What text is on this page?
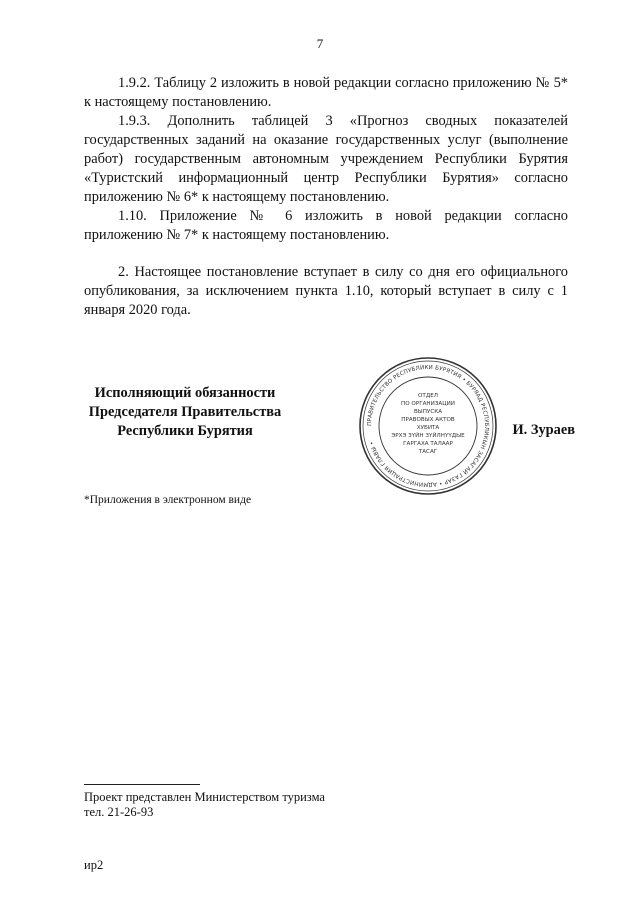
7

1.9.2. Таблицу 2 изложить в новой редакции согласно приложению № 5* к настоящему постановлению.

1.9.3. Дополнить таблицей 3 «Прогноз сводных показателей государственных заданий на оказание государственных услуг (выполнение работ) государственным автономным учреждением Республики Бурятия «Туристский информационный центр Республики Бурятия» согласно приложению № 6* к настоящему постановлению.

1.10. Приложение № 6 изложить в новой редакции согласно приложению № 7* к настоящему постановлению.

2. Настоящее постановление вступает в силу со дня его официального опубликования, за исключением пункта 1.10, который вступает в силу с 1 января 2020 года.

Исполняющий обязанности
Председателя Правительства
Республики Бурятия	ПРАВИТЕЛЬСТВО РЕСПУБЛИКИ БУРЯТИЯ • БУРЯАД РЕСПУБЛИКЫН ЗАСАГАЙ ГАЗАР • АДМИНИСТРАЦИЯ ГЛАВЫ •
ОТДЕЛ
ПО ОРГАНИЗАЦИИ
ВЫПУСКА
ПРАВОВЫХ АКТОВ
ХУБИТА
ЭРХЭ ЗҮЙН ЗҮЙЛНҮҮДЫЕ
ГАРГАХА ТАЛААР
ТАСАГ
И. Зураев
*Приложения в электронном виде
Проект представлен Министерством туризма
тел. 21-26-93
ир2
